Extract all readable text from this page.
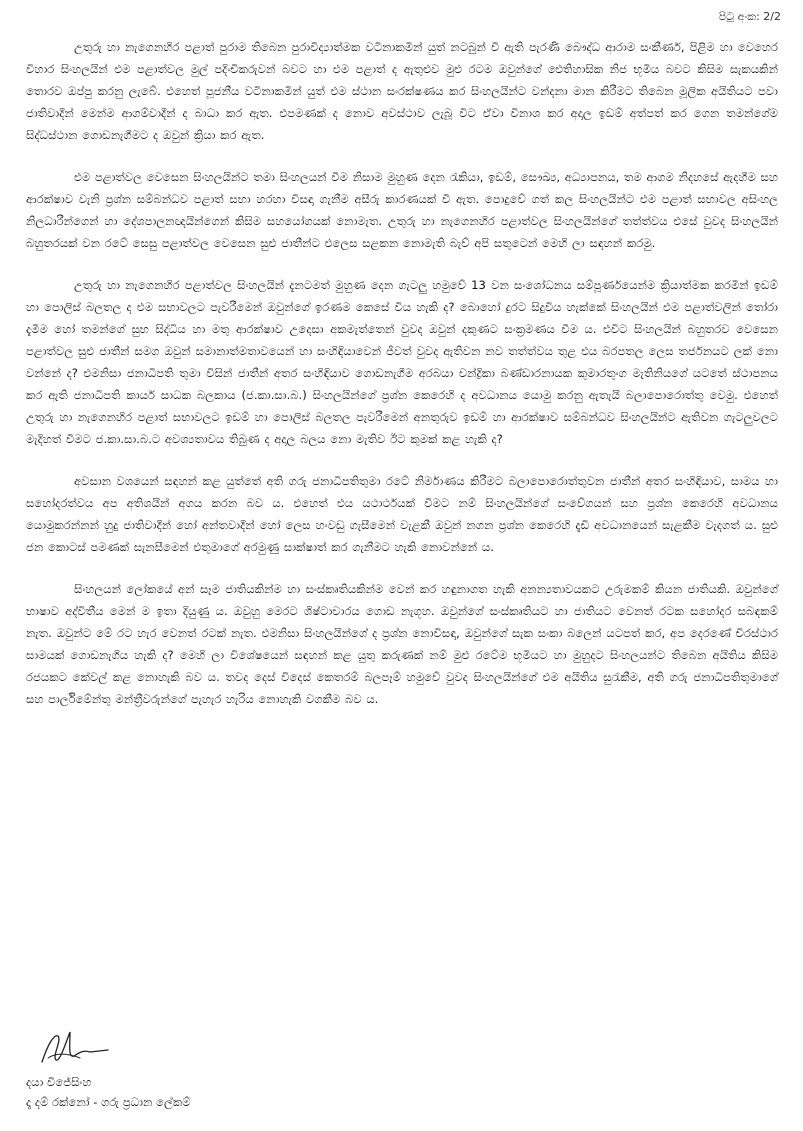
පිටු අංක: 2/2

උතුරු හා නැගෙනහිර පළාත් පුරාම තිබෙන පුරාවිද්‍යාත්මක වටිනාකමින් යුත් නටබුන් වී ඇති පැරණි බෞද්ධ ආරාම සංකීර්ණ, පිළිම හා වෙහෙර විහාර සිංහලයින් එම පළාත්වල මුල් පදිංචිකරුවන් බවට හා එම පළාත් ද ඇතුළුව මුළු රටම ඔවුන්ගේ ඓතිහාසික නිජ භූමිය බවට කිසිම සැකයකින් තොරව ඔප්පු කරනු ලැබේ. එහෙත් පූජනීය වටිනාකමින් යුත් එම ස්ථාන සංරක්ෂණය කර සිංහලයින්ට වන්දනා මාන කිරීමට තිබෙන මූලික අයිතියට පවා ජාතිවාදීන් මෙන්ම ආගම්වාදීන් ද බාධා කර ඇත. එපමණක් ද නොව අවස්ථාව ලැබූ විට ඒවා විනාශ කර අදාල ඉඩම් අත්පත් කර ගෙන තමන්ගේම සිද්ධස්ථාන ගොඩනැගීමට ද ඔවුන් ක්‍රියා කර ඇත.

එම පළාත්වල වෙසෙන සිංහලයින්ට තමා සිංහලයන් වීම නිසාම මුහුණ දෙන රැකියා, ඉඩම්, සෞඛ්‍ය, අධ්‍යාපනය, තම ආගම නිදහසේ ඇදහීම සහ ආරක්ෂාව වැනි ප්‍රශ්න සම්බන්ධව පළාත් සභා හරහා විසඳා ගැනීම අසීරු කාරණයක් වී ඇත. පොදුවේ ගත් කල සිංහලයින්ට එම පළාත් සභාවල අසිංහල නිලධාරීන්ගෙන් හා දේශපාලනඥයින්ගෙන් කිසිම සහයෝගයක් නොමැත. උතුරු හා නැගෙනහිර පළාත්වල සිංහලයින්ගේ තත්ත්වය එසේ වුවද සිංහලයින් බහුතරයක් වන රටේ සෙසු පළාත්වල වෙසෙන සුළු ජාතීන්ට එලෙස සළකන නොමැති බැව් අපි සතුටෙන් මෙහි ලා සඳහන් කරමු.

උතුරු හා නැගෙනහිර පළාත්වල සිංහලයින් දැනටමත් මුහුණ දෙන ගැටලු හමුවේ 13 වන සංශෝධනය සම්පූර්ණයෙන්ම ක්‍රියාත්මක කරමින් ඉඩම් හා පොලිස් බලතල ද එම සභාවලට පැවරීමෙන් ඔවුන්ගේ ඉරණම කෙසේ විය හැකි ද? බොහෝ දුරට සිදුවිය හැක්කේ සිංහලයින් එම පළාත්වලින් තෝරා දැමීම හෝ තමන්ගේ සුභ සිද්ධිය හා මතු ආරක්ෂාව උදෙසා අකමැත්තෙන් වුවද ඔවුන් දකුණට සංක්‍රමණය වීම ය. එවිට සිංහලයින් බහුතරව වෙසෙන පළාත්වල සුළු ජාතීන් සමග ඔවුන් සමානාත්මතාවයෙන් හා සංහිඳියාවෙන් ජීවත් වුවද ඇතිවන නව තත්ත්වය තුළ එය බරපතල ලෙස තර්ජනයට ලක් නො වන්නේ ද? එමනිසා ජනාධිපති තුමා විසින් ජාතීන් අතර සංහිඳියාව ගොඩනැගීම අරබයා චන්ද්‍රිකා බණ්ඩාරනායක කුමාරතුංග මැතිනියගේ යටතේ ස්ථාපනය කර ඇති ජනාධිපති කාර්ය සාධක බලකාය (ජ.කා.සා.බ.) සිංහලයින්ගේ ප්‍රශ්න කෙරෙහි ද අවධානය යොමු කරනු ඇතැයි බලාපොරොත්තු වෙමු. එහෙත් උතුරු හා නැගෙනහිර පළාත් සභාවලට ඉඩම් හා පොලිස් බලතල පැවරීමෙන් අනතුරුව ඉඩම් හා ආරක්ෂාව සම්බන්ධව සිංහලයින්ට ඇතිවන ගැටලුවලට මැදිහත් වීමට ජ.කා.සා.බ.ට අවශ්‍යතාවය තිබුණ ද අදාල බලය නො මැතිව ඊට කුමක් කළ හැකි ද?

අවසාන වශයෙන් සඳහන් කළ යුත්තේ අති ගරු ජනාධිපතිතුමා රටේ නිර්මාණය කිරීමට බලාපොරොත්තුවන ජාතීන් අතර සංහිඳියාව, සාමය හා සහෝදරත්වය අප අතිශයින් අගය කරන බව ය. එහෙත් එය යථාර්ථයක් වීමට නම් සිංහලයින්ගේ සංවේගයන් සහ ප්‍රශ්න කෙරෙහි අවධානය යොමුකරන්නන් හුදු ජාතිවාදීන් හෝ අන්තවාදීන් හෝ ලෙස හංවඩු ගැසීමෙන් වැළකී ඔවුන් නගන ප්‍රශ්න කෙරෙහි දැඩි අවධානයෙන් සැළකීම වැදගත් ය. සුළු ජන කොටස් පමණක් සැනසීමෙන් එතුමාගේ අරමුණු සාක්ෂාත් කර ගැනීමට හැකි නොවන්නේ ය.

සිංහලයන් ලෝකයේ අන් සෑම ජාතියකින්ම හා සංස්කෘතියකින්ම වෙන් කර හඳුනාගත හැකි අනන්‍යතාවයකට උරුමකම් කියන ජාතියකි. ඔවුන්ගේ භාෂාව අද්විතීය මෙන් ම ඉතා දියුණු ය. ඔවුහු මෙරට ශිෂ්ටාචාරය ගොඩ නැගූහ. ඔවුන්ගේ සංස්කෘතියට හා ජාතියට වෙනත් රටක සහෝදර සබඳකම් නැත. ඔවුන්ට මේ රට හැර වෙනත් රටක් නැත. එමනිසා සිංහලයින්ගේ ද ප්‍රශ්න නොවිසඳා, ඔවුන්ගේ සැක සංකා බලෙන් යටපත් කර, අප දෙරණේ චිරස්ථාර සාමයක් ගොඩනැගිය හැකි ද? මෙහි ලා විශේෂයෙන් සඳහන් කළ යුතු කරුණක් නම් මුළු රටේම භූමියට හා මුහුදට සිංහලයන්ට තිබෙන අයිතිය කිසිම රජයකට කේවල් කළ නොහැකි බව ය. තවද දෙස් විදෙස් කෙතරම් බලපෑම් හමුවේ වුවද සිංහලයින්ගේ එම අයිතිය සුරැකීම, අති ගරු ජනාධිපතිතුමාගේ සහ පාර්ලිමේන්තු මන්ත්‍රීවරුන්ගේ පැහැර හැරිය නොහැකි වගකීම බව ය.

දයා විජේසිංහ
දෑ දම් රක්නෝ - ගරු ප්‍රධාන ලේකම්
